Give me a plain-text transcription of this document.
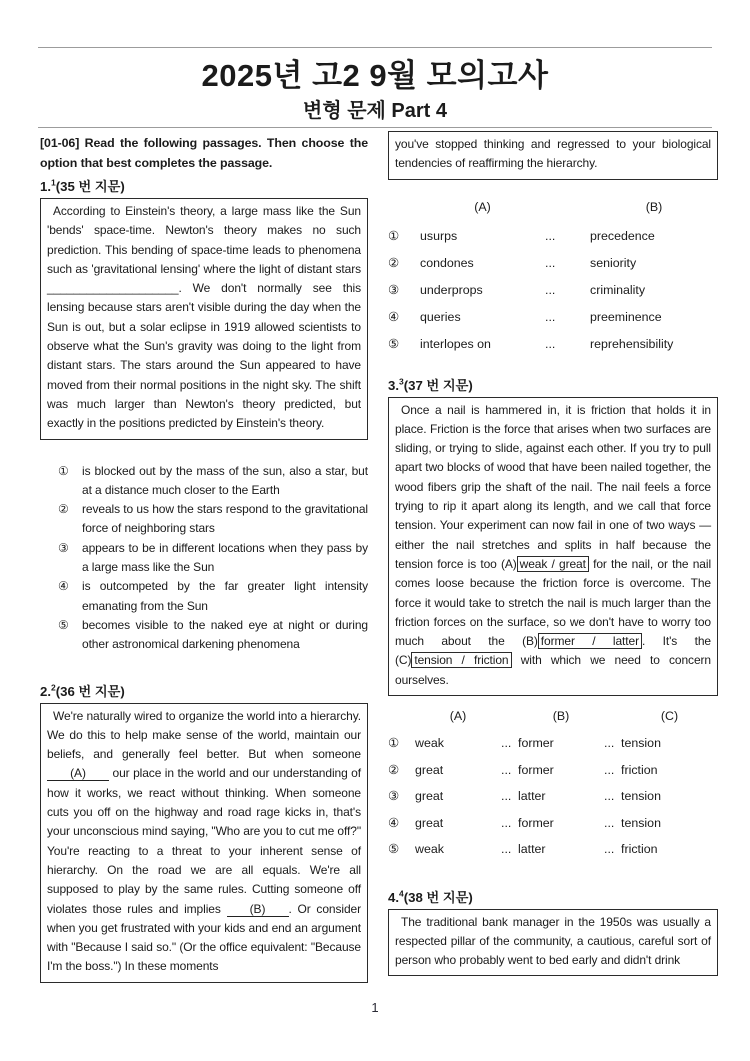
2025년 고2 9월 모의고사
변형 문제 Part 4
[01-06] Read the following passages. Then choose the option that best completes the passage.
1.$^1$(35 번 지문)
According to Einstein's theory, a large mass like the Sun 'bends' space-time. Newton's theory makes no such prediction. This bending of space-time leads to phenomena such as 'gravitational lensing' where the light of distant stars ____________________. We don't normally see this lensing because stars aren't visible during the day when the Sun is out, but a solar eclipse in 1919 allowed scientists to observe what the Sun's gravity was doing to the light from distant stars. The stars around the Sun appeared to have moved from their normal positions in the night sky. The shift was much larger than Newton's theory predicted, but exactly in the positions predicted by Einstein's theory.
①	is blocked out by the mass of the sun, also a star, but at a distance much closer to the Earth
②	reveals to us how the stars respond to the gravitational force of neighboring stars
③	appears to be in different locations when they pass by a large mass like the Sun
④	is outcompeted by the far greater light intensity emanating from the Sun
⑤	becomes visible to the naked eye at night or during other astronomical darkening phenomena
2.$^2$(36 번 지문)
We're naturally wired to organize the world into a hierarchy. We do this to help make sense of the world, maintain our beliefs, and generally feel better. But when someone (A) our place in the world and our understanding of how it works, we react without thinking. When someone cuts you off on the highway and road rage kicks in, that's your unconscious mind saying, "Who are you to cut me off?" You're reacting to a threat to your inherent sense of hierarchy. On the road we are all equals. We're all supposed to play by the same rules. Cutting someone off violates those rules and implies (B) . Or consider when you get frustrated with your kids and end an argument with "Because I said so." (Or the office equivalent: "Because I'm the boss.") In these moments
you've stopped thinking and regressed to your biological tendencies of reaffirming the hierarchy.
(A)	(B)
①	usurps	...	precedence
②	condones	...	seniority
③	underprops	...	criminality
④	queries	...	preeminence
⑤	interlopes on	...	reprehensibility
3.$^3$(37 번 지문)
Once a nail is hammered in, it is friction that holds it in place. Friction is the force that arises when two surfaces are sliding, or trying to slide, against each other. If you try to pull apart two blocks of wood that have been nailed together, the wood fibers grip the shaft of the nail. The nail feels a force trying to rip it apart along its length, and we call that force tension. Your experiment can now fail in one of two ways — either the nail stretches and splits in half because the tension force is too (A) weak / great for the nail, or the nail comes loose because the friction force is overcome. The force it would take to stretch the nail is much larger than the friction forces on the surface, so we don't have to worry too much about the (B) former / latter . It's the (C) tension / friction with which we need to concern ourselves.
(A)	(B)	(C)
①	weak	... former	... tension
②	great	... former	... friction
③	great	... latter	... tension
④	great	... former	... tension
⑤	weak	... latter	... friction
4.$^4$(38 번 지문)
The traditional bank manager in the 1950s was usually a respected pillar of the community, a cautious, careful sort of person who probably went to bed early and didn't drink
1
